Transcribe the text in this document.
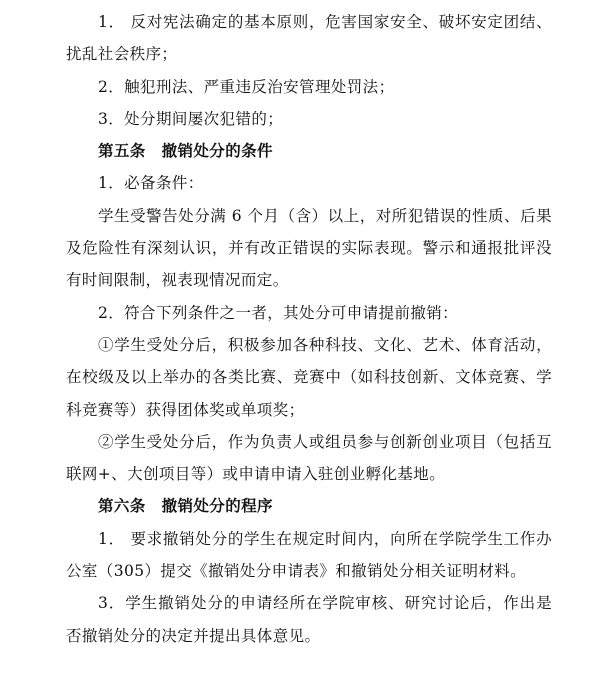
1． 反对宪法确定的基本原则，危害国家安全、破坏安定团结、扰乱社会秩序；

2．触犯刑法、严重违反治安管理处罚法；

3．处分期间屡次犯错的；

第五条　撤销处分的条件

1．必备条件：

学生受警告处分满 6 个月（含）以上，对所犯错误的性质、后果及危险性有深刻认识，并有改正错误的实际表现。警示和通报批评没有时间限制，视表现情况而定。

2．符合下列条件之一者，其处分可申请提前撤销：

①学生受处分后，积极参加各种科技、文化、艺术、体育活动，在校级及以上举办的各类比赛、竞赛中（如科技创新、文体竞赛、学科竞赛等）获得团体奖或单项奖；

②学生受处分后，作为负责人或组员参与创新创业项目（包括互联网+、大创项目等）或申请申请入驻创业孵化基地。

第六条　撤销处分的程序

1． 要求撤销处分的学生在规定时间内，向所在学院学生工作办公室（305）提交《撤销处分申请表》和撤销处分相关证明材料。

3．学生撤销处分的申请经所在学院审核、研究讨论后，作出是否撤销处分的决定并提出具体意见。
